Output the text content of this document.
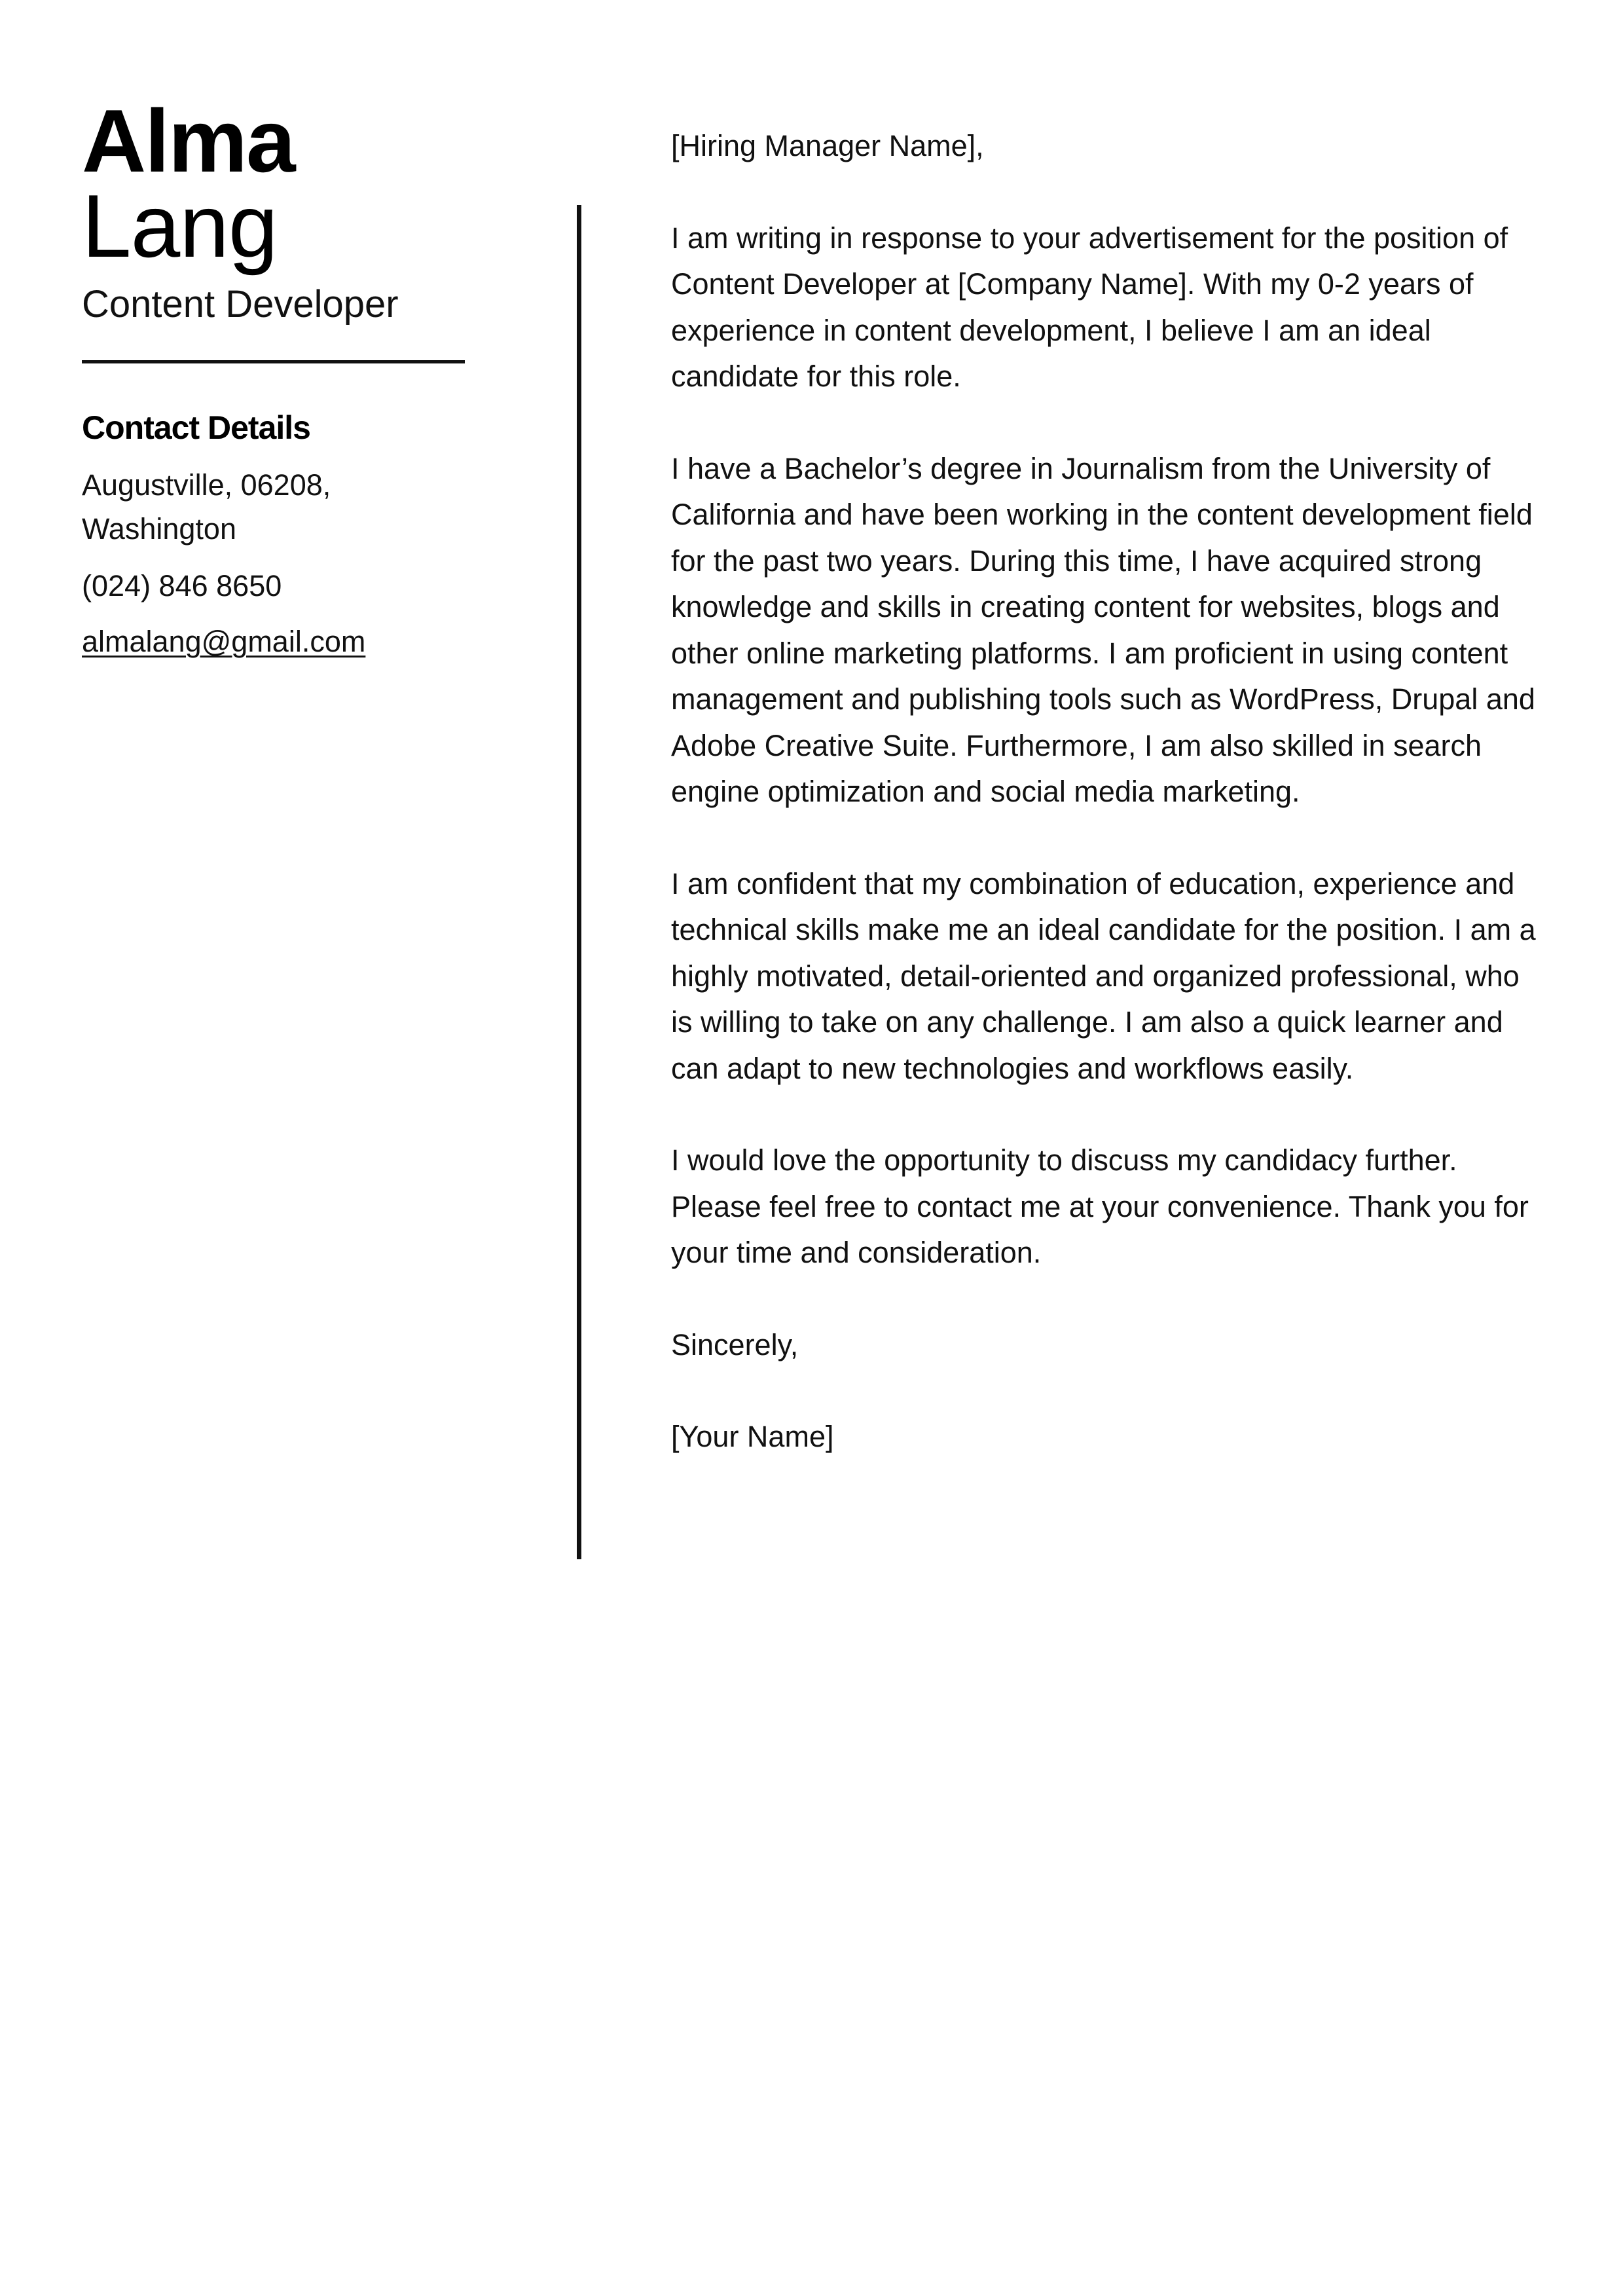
Alma
Lang
Content Developer
Contact Details
Augustville, 06208, Washington
(024) 846 8650
almalang@gmail.com

[Hiring Manager Name],

I am writing in response to your advertisement for the position of Content Developer at [Company Name]. With my 0-2 years of experience in content development, I believe I am an ideal candidate for this role.

I have a Bachelor’s degree in Journalism from the University of California and have been working in the content development field for the past two years. During this time, I have acquired strong knowledge and skills in creating content for websites, blogs and other online marketing platforms. I am proficient in using content management and publishing tools such as WordPress, Drupal and Adobe Creative Suite. Furthermore, I am also skilled in search engine optimization and social media marketing.

I am confident that my combination of education, experience and technical skills make me an ideal candidate for the position. I am a highly motivated, detail-oriented and organized professional, who is willing to take on any challenge. I am also a quick learner and can adapt to new technologies and workflows easily.

I would love the opportunity to discuss my candidacy further. Please feel free to contact me at your convenience. Thank you for your time and consideration.

Sincerely,

[Your Name]
